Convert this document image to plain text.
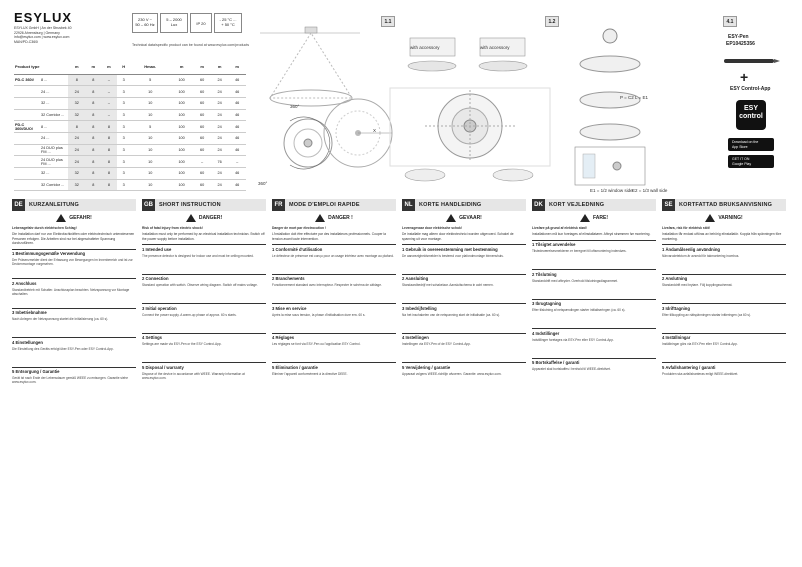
ESYLUX
ESYLUX GmbH | An der Strusbek 40
22926 Ahrensburg | Germany
info@esylux.com | www.esylux.com
MAN/PD-C360i
230 V ~
50 – 60 Hz
5 – 2000
Lux	IP 20
- 25 °C ...
+ 50 °C
Technical data/specific product can be found at www.esylux.com/products
Product type		m	m	m	H	Hmax.	m	m	m	m
PD-C 360i/	8 ...	8	8	–	3	5	100	60	24	46
	24 ...	24	8	–	3	10	100	60	24	46
	32 ...	32	8	–	3	10	100	60	24	46
	32 Corridor ...	32	8	–	3	10	100	60	24	46
PD-C 360i/DUO/	8 ...	8	8	8	3	5	100	60	24	46
	24 ...	24	8	8	3	10	100	60	24	46
	24 DUO plus FM ...	24	8	8	3	10	100	60	24	46
	24 DUO plus FM ...	24	8	8	3	10	100	–	76	–
	32 ...	32	8	8	3	10	100	60	24	46
	32 Corridor ...	32	8	8	3	10	100	60	24	46
360°
360°
X
1.1
with accessory	with accessory
1.2
E1 = 1/2 window side E2 = 1/3 wall side
4.1
ESY-Pen
EP10425356
+
ESY Control-App
ESY
control
Download on the
App Store
GET IT ON
Google Play
P = C2 L = E1
DE	KURZANLEITUNG
GEFAHR!
Lebensgefahr durch elektrischen Schlag!
Die Installation darf nur von Elektrofachkräften oder elektrotechnisch unterwiesenen Personen erfolgen. Die Arbeiten sind nur bei abgeschalteter Spannung durchzuführen.
1 Bestimmungsgemäße Verwendung
Der Präsenzmelder dient der Erfassung von Bewegungen im Innenbereich und ist zur Deckenmontage vorgesehen.
2 Anschluss
Standardbetrieb mit Schalter. Anschlussplan beachten. Netzspannung vor Montage abschalten.
3 Inbetriebnahme
Nach Anlegen der Netzspannung startet die Initialisierung (ca. 60 s).
4 Einstellungen
Die Einstellung des Geräts erfolgt über ESY-Pen oder ESY Control-App.
5 Entsorgung / Garantie
Gerät ist nach Ende der Lebensdauer gemäß WEEE zu entsorgen. Garantie siehe www.esylux.com.
GB	SHORT INSTRUCTION
DANGER!
Risk of fatal injury from electric shock!
Installation must only be performed by an electrical installation technician. Switch off the power supply before installation.
1 Intended use
The presence detector is designed for indoor use and must be ceiling mounted.
2 Connection
Standard operation with switch. Observe wiring diagram. Switch off mains voltage.
3 Initial operation
Connect the power supply. A warm-up phase of approx. 60 s starts.
4 Settings
Settings are made via ESY-Pen or the ESY Control-App.
5 Disposal / warranty
Dispose of the device in accordance with WEEE. Warranty information at www.esylux.com.
FR	MODE D'EMPLOI RAPIDE
DANGER !
Danger de mort par électrocution !
L'installation doit être effectuée par des installateurs professionnels. Couper la tension avant toute intervention.
1 Conformité d'utilisation
Le détecteur de présence est conçu pour un usage intérieur avec montage au plafond.
2 Branchements
Fonctionnement standard avec interrupteur. Respecter le schéma de câblage.
3 Mise en service
Après la mise sous tension, la phase d'initialisation dure env. 60 s.
4 Réglages
Les réglages se font via ESY-Pen ou l'application ESY Control.
5 Élimination / garantie
Éliminer l'appareil conformément à la directive DEEE.
NL	KORTE HANDLEIDING
GEVAAR!
Levensgevaar door elektrische schok!
De installatie mag alleen door elektrotechnici worden uitgevoerd. Schakel de spanning uit voor montage.
1 Gebruik in overeenstemming met bestemming
De aanwezigheidsmelder is bestemd voor plafondmontage binnenshuis.
2 Aansluiting
Standaardbedrijf met schakelaar. Aansluitschema in acht nemen.
3 Inbedrijfstelling
Na het inschakelen van de netspanning start de initialisatie (ca. 60 s).
4 Instellingen
Instellingen via ESY-Pen of de ESY Control-App.
5 Verwijdering / garantie
Apparaat volgens WEEE-richtlijn afvoeren. Garantie: www.esylux.com.
DK	KORT VEJLEDNING
FARE!
Livsfare på grund af elektrisk stød!
Installationen må kun foretages af elinstallatører. Afbryd strømmen før montering.
1 Tilsigtet anvendelse
Tilstedeværelsesmelderen er beregnet til loftsmontering indendørs.
2 Tilslutning
Standarddrift med afbryder. Overhold tilslutningsdiagrammet.
3 Ibrugtagning
Efter tilslutning af netspændingen starter initialiseringen (ca. 60 s).
4 Indstillinger
Indstillinger foretages via ESY-Pen eller ESY Control-App.
5 Bortskaffelse / garanti
Apparatet skal bortskaffes i henhold til WEEE-direktivet.
SE	KORTFATTAD BRUKSANVISNING
VARNING!
Livsfara, risk för elektrisk stöt!
Installation får endast utföras av behörig elinstallatör. Koppla från spänningen före montering.
1 Ändamålsenlig användning
Närvarodetektorn är avsedd för takmontering inomhus.
2 Anslutning
Standarddrift med brytare. Följ kopplingsschemat.
3 Idrifttagning
Efter tillkoppling av nätspänningen startar initieringen (ca 60 s).
4 Inställningar
Inställningar görs via ESY-Pen eller ESY Control-App.
5 Avfallshantering / garanti
Produkten ska avfallshanteras enligt WEEE-direktivet.
